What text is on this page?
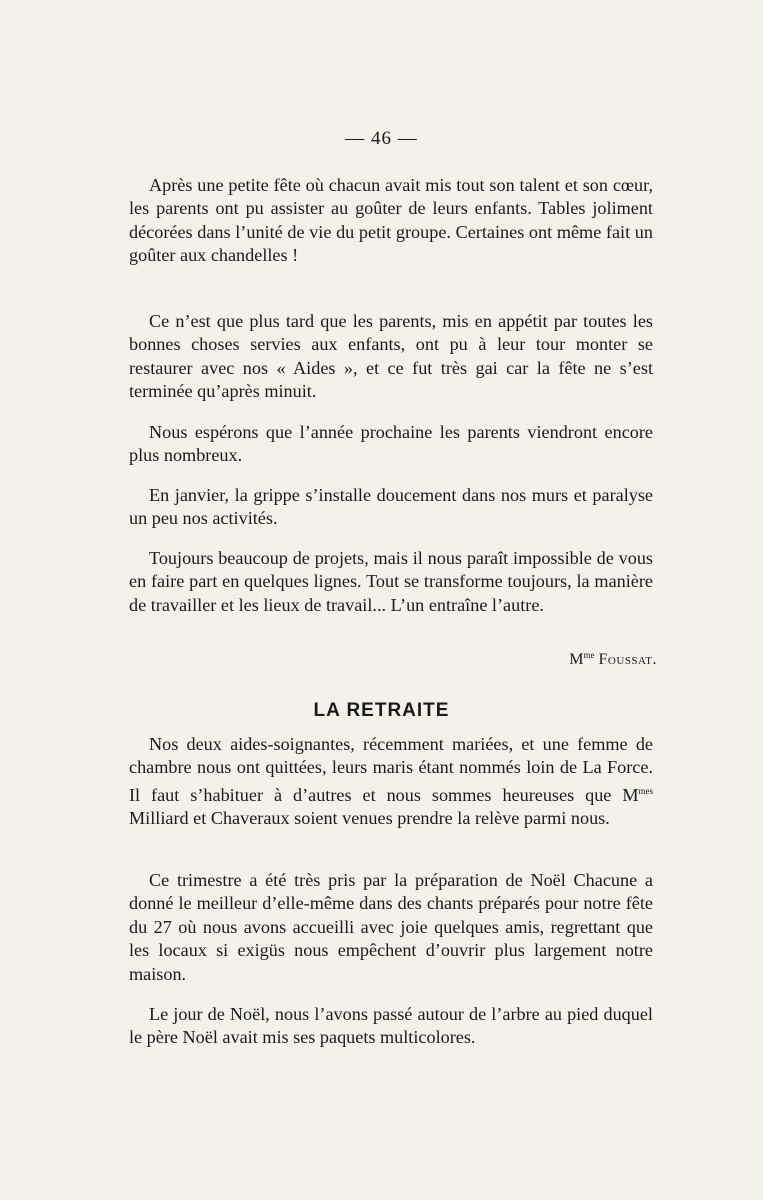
— 46 —

Après une petite fête où chacun avait mis tout son talent et son cœur, les parents ont pu assister au goûter de leurs enfants. Tables joliment décorées dans l’unité de vie du petit groupe. Certaines ont même fait un goûter aux chandelles !

Ce n’est que plus tard que les parents, mis en appétit par toutes les bonnes choses servies aux enfants, ont pu à leur tour monter se restaurer avec nos « Aides », et ce fut très gai car la fête ne s’est terminée qu’après minuit.

Nous espérons que l’année prochaine les parents viendront encore plus nombreux.

En janvier, la grippe s’installe doucement dans nos murs et paralyse un peu nos activités.

Toujours beaucoup de projets, mais il nous paraît impossible de vous en faire part en quelques lignes. Tout se transforme toujours, la manière de travailler et les lieux de travail... L’un entraîne l’autre.

$M^{me}$ Foussat.
LA RETRAITE

Nos deux aides-soignantes, récemment mariées, et une femme de chambre nous ont quittées, leurs maris étant nommés loin de La Force. Il faut s’habituer à d’autres et nous sommes heureuses que $M^{mes}$ Milliard et Chaveraux soient venues prendre la relève parmi nous.

Ce trimestre a été très pris par la préparation de Noël Chacune a donné le meilleur d’elle-même dans des chants préparés pour notre fête du 27 où nous avons accueilli avec joie quelques amis, regrettant que les locaux si exigüs nous empêchent d’ouvrir plus largement notre maison.

Le jour de Noël, nous l’avons passé autour de l’arbre au pied duquel le père Noël avait mis ses paquets multicolores.
